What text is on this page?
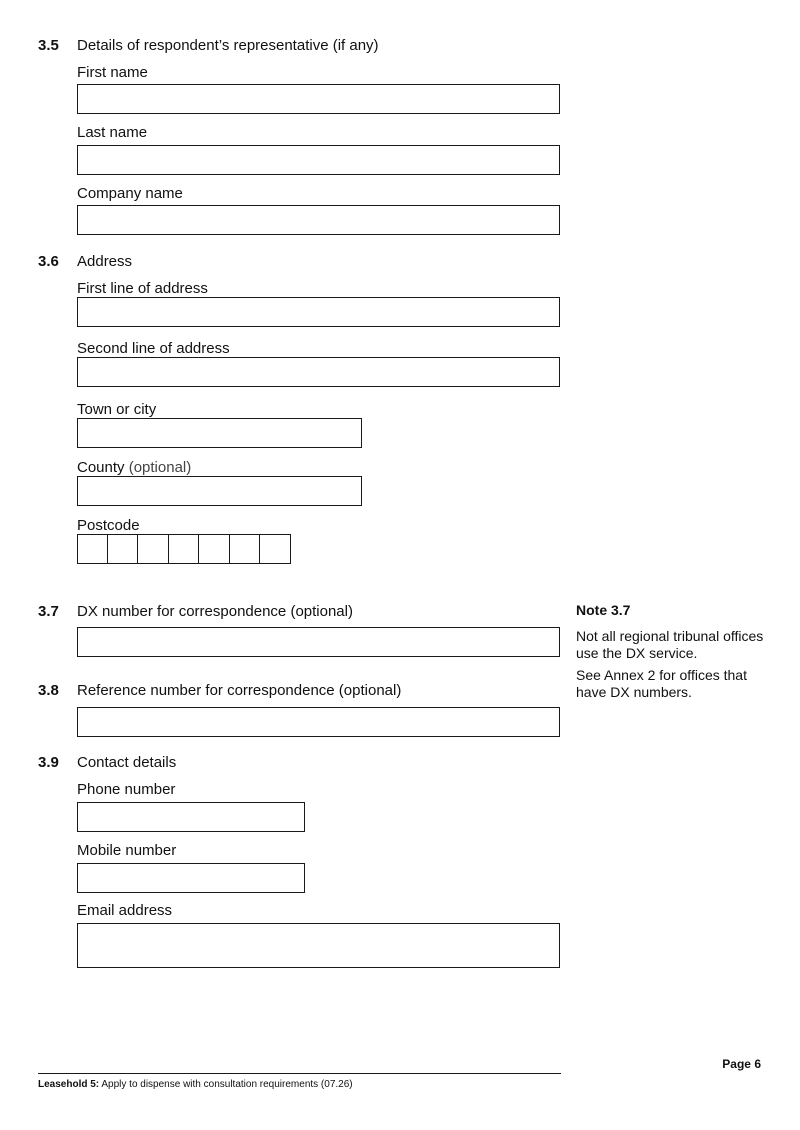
3.5 Details of respondent’s representative (if any)
First name
Last name
Company name
3.6 Address
First line of address
Second line of address
Town or city
County (optional)
Postcode
3.7 DX number for correspondence (optional)	Note 3.7
Not all regional tribunal offices use the DX service.
See Annex 2 for offices that have DX numbers.
3.8 Reference number for correspondence (optional)
3.9 Contact details
Phone number
Mobile number
Email address
Page 6
Leasehold 5: Apply to dispense with consultation requirements (07.26)
